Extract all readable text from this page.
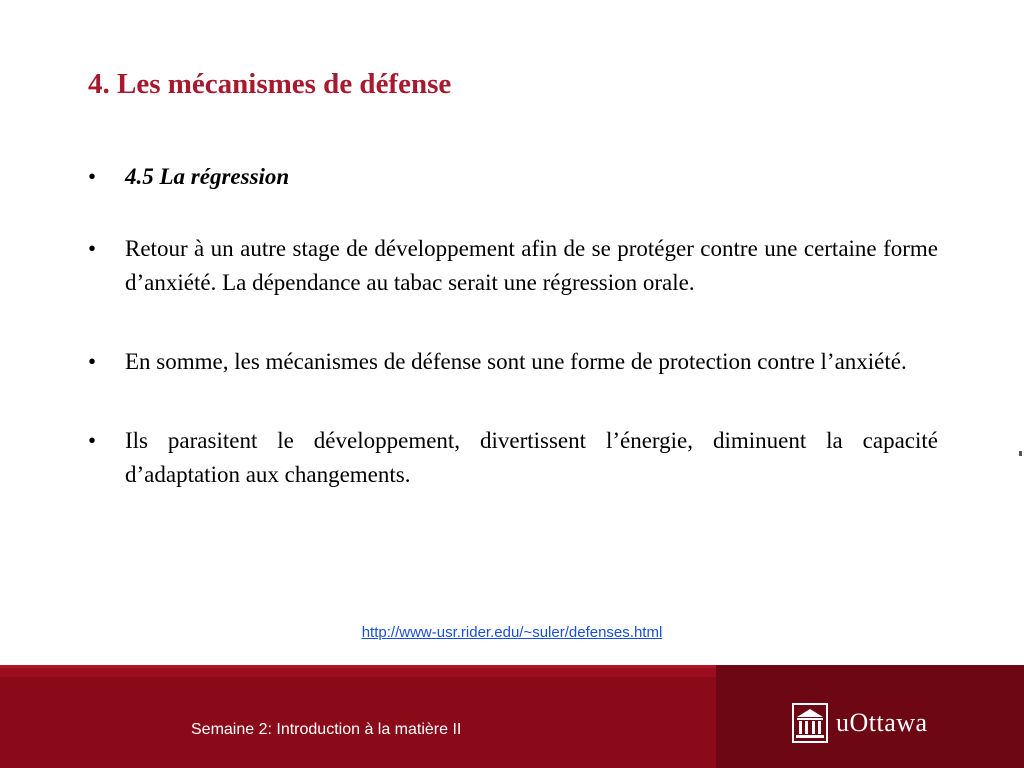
4. Les mécanismes de défense
• 4.5 La régression
• Retour à un autre stage de développement afin de se protéger contre une certaine forme d’anxiété. La dépendance au tabac serait une régression orale.
• En somme, les mécanismes de défense sont une forme de protection contre l’anxiété.
• Ils parasitent le développement, divertissent l’énergie, diminuent la capacité d’adaptation aux changements.
http://www-usr.rider.edu/~suler/defenses.html
Semaine 2: Introduction à la matière II	uOttawa
